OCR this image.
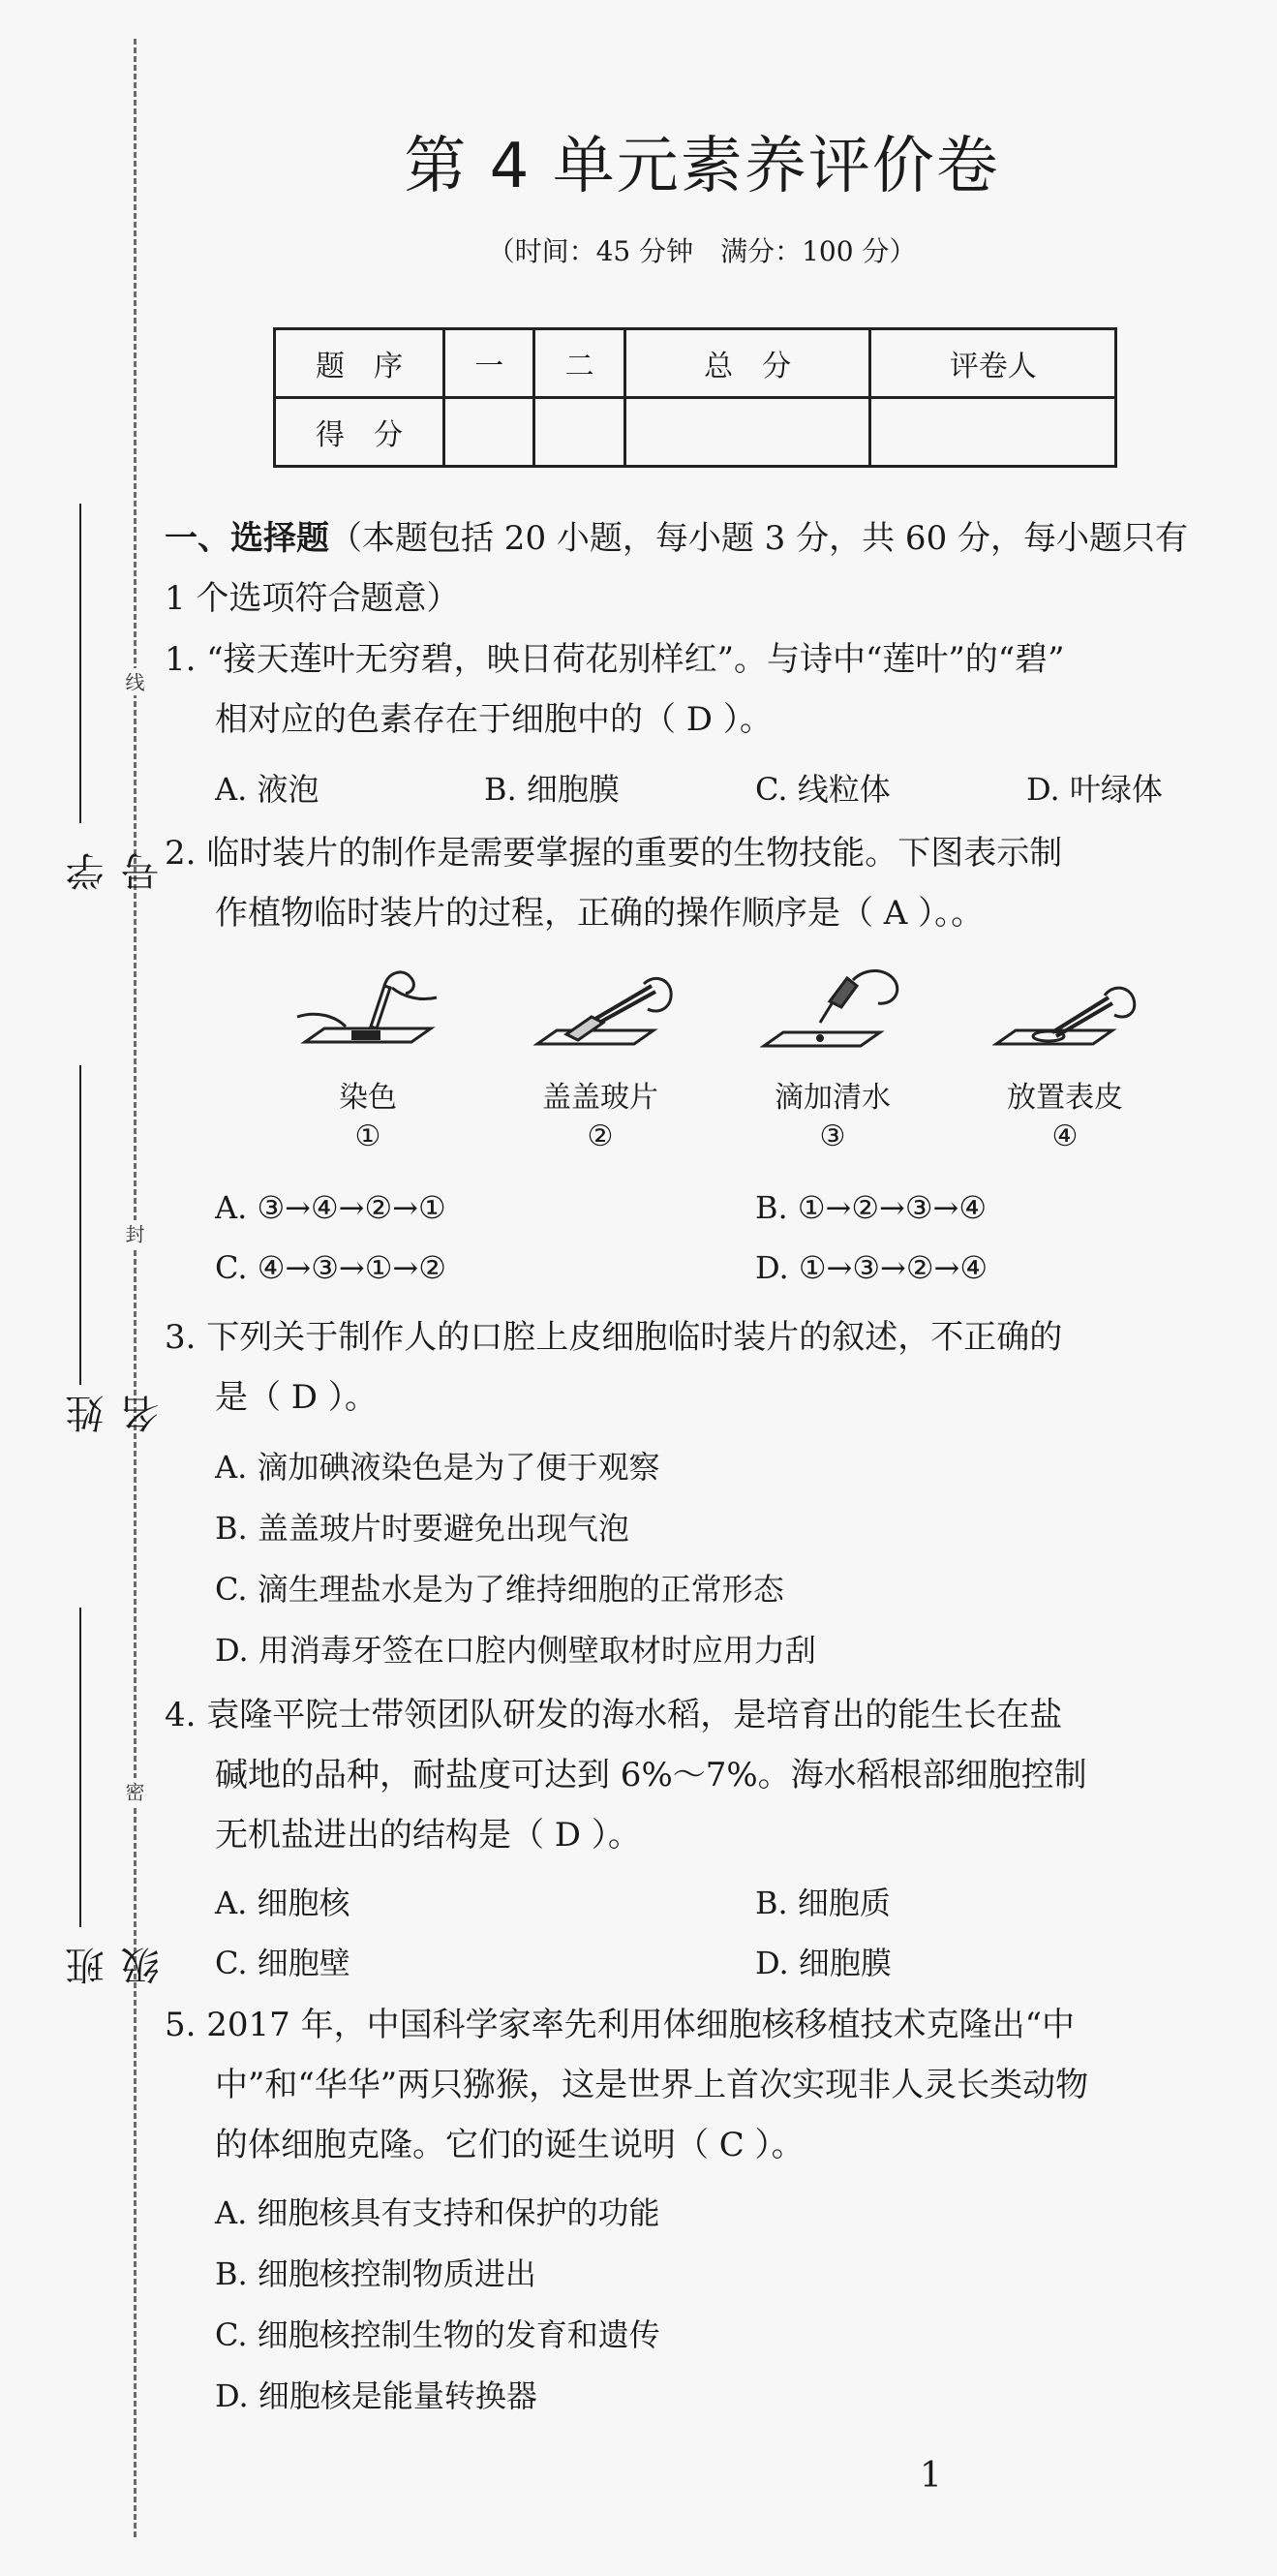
线
封
密
学号
姓名
班级
第 4 单元素养评价卷
（时间：45 分钟　满分：100 分）
题　序	一	二	总　分	评卷人
得　分				
一、选择题（本题包括 20 小题，每小题 3 分，共 60 分，每小题只有
1 个选项符合题意）
1. “接天莲叶无穷碧，映日荷花别样红”。与诗中“莲叶”的“碧”
相对应的色素存在于细胞中的（ D ）。
A. 液泡	B. 细胞膜	C. 线粒体	D. 叶绿体
2. 临时装片的制作是需要掌握的重要的生物技能。下图表示制
作植物临时装片的过程，正确的操作顺序是（ A ）。。
染色
①
盖盖玻片
②
滴加清水
③
放置表皮
④
A. ③→④→②→①	B. ①→②→③→④
C. ④→③→①→②	D. ①→③→②→④
3. 下列关于制作人的口腔上皮细胞临时装片的叙述，不正确的
是（ D ）。
A. 滴加碘液染色是为了便于观察
B. 盖盖玻片时要避免出现气泡
C. 滴生理盐水是为了维持细胞的正常形态
D. 用消毒牙签在口腔内侧壁取材时应用力刮
4. 袁隆平院士带领团队研发的海水稻，是培育出的能生长在盐
碱地的品种，耐盐度可达到 6%～7%。海水稻根部细胞控制
无机盐进出的结构是（ D ）。
A. 细胞核	B. 细胞质
C. 细胞壁	D. 细胞膜
5. 2017 年，中国科学家率先利用体细胞核移植技术克隆出“中
中”和“华华”两只猕猴，这是世界上首次实现非人灵长类动物
的体细胞克隆。它们的诞生说明（ C ）。
A. 细胞核具有支持和保护的功能
B. 细胞核控制物质进出
C. 细胞核控制生物的发育和遗传
D. 细胞核是能量转换器
1
